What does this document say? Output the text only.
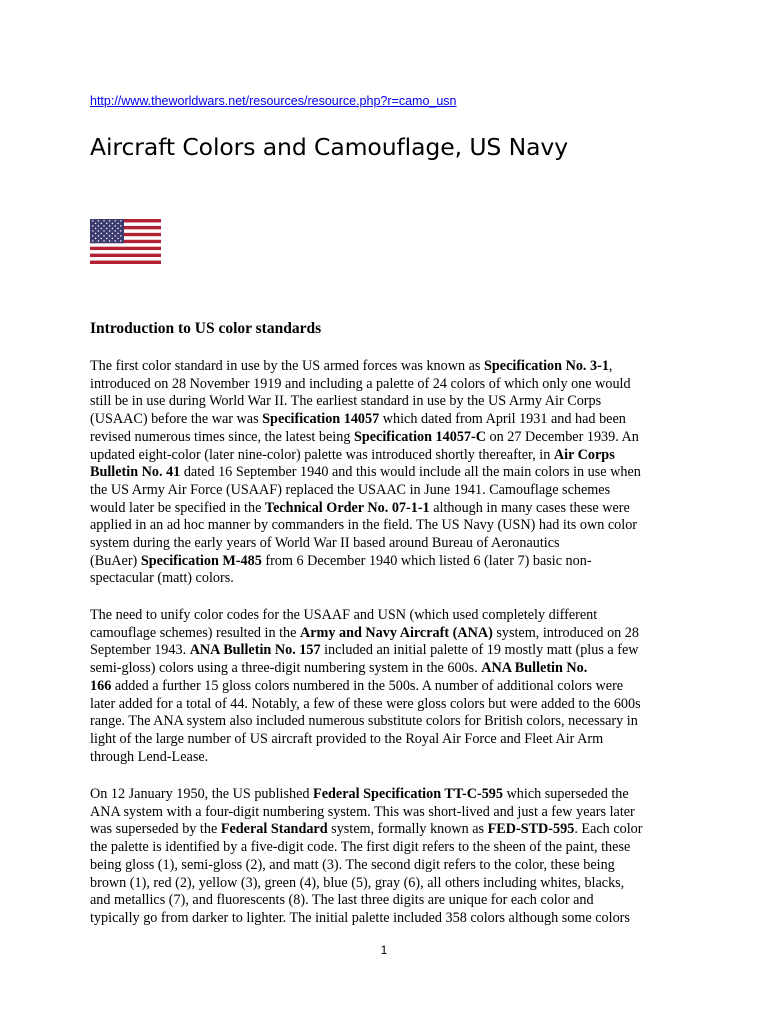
http://www.theworldwars.net/resources/resource.php?r=camo_usn
Aircraft Colors and Camouflage, US Navy
Introduction to US color standards

The first color standard in use by the US armed forces was known as Specification No. 3-1,
introduced on 28 November 1919 and including a palette of 24 colors of which only one would
still be in use during World War II. The earliest standard in use by the US Army Air Corps
(USAAC) before the war was Specification 14057 which dated from April 1931 and had been
revised numerous times since, the latest being Specification 14057-C on 27 December 1939. An
updated eight-color (later nine-color) palette was introduced shortly thereafter, in Air Corps
Bulletin No. 41 dated 16 September 1940 and this would include all the main colors in use when
the US Army Air Force (USAAF) replaced the USAAC in June 1941. Camouflage schemes
would later be specified in the Technical Order No. 07-1-1 although in many cases these were
applied in an ad hoc manner by commanders in the field. The US Navy (USN) had its own color
system during the early years of World War II based around Bureau of Aeronautics
(BuAer) Specification M-485 from 6 December 1940 which listed 6 (later 7) basic non-
spectacular (matt) colors.

The need to unify color codes for the USAAF and USN (which used completely different
camouflage schemes) resulted in the Army and Navy Aircraft (ANA) system, introduced on 28
September 1943. ANA Bulletin No. 157 included an initial palette of 19 mostly matt (plus a few
semi-gloss) colors using a three-digit numbering system in the 600s. ANA Bulletin No.
166 added a further 15 gloss colors numbered in the 500s. A number of additional colors were
later added for a total of 44. Notably, a few of these were gloss colors but were added to the 600s
range. The ANA system also included numerous substitute colors for British colors, necessary in
light of the large number of US aircraft provided to the Royal Air Force and Fleet Air Arm
through Lend-Lease.

On 12 January 1950, the US published Federal Specification TT-C-595 which superseded the
ANA system with a four-digit numbering system. This was short-lived and just a few years later
was superseded by the Federal Standard system, formally known as FED-STD-595. Each color
the palette is identified by a five-digit code. The first digit refers to the sheen of the paint, these
being gloss (1), semi-gloss (2), and matt (3). The second digit refers to the color, these being
brown (1), red (2), yellow (3), green (4), blue (5), gray (6), all others including whites, blacks,
and metallics (7), and fluorescents (8). The last three digits are unique for each color and
typically go from darker to lighter. The initial palette included 358 colors although some colors

1
